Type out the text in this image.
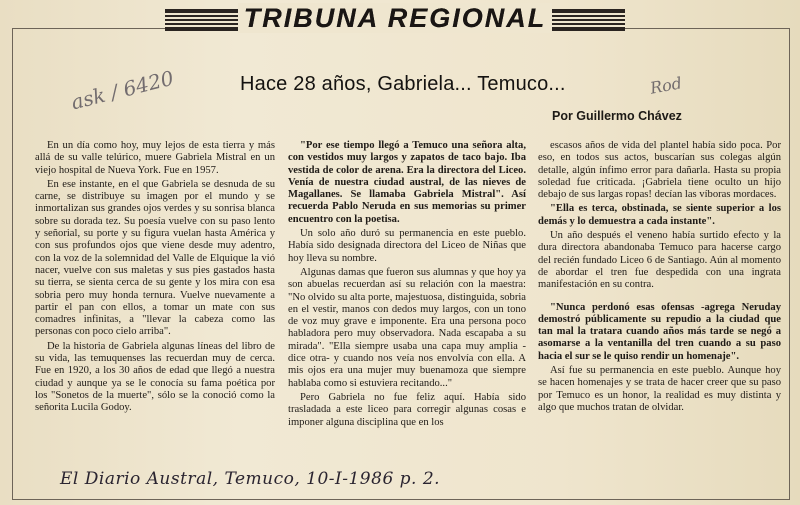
TRIBUNA REGIONAL
ask / 6420	Rod
Hace 28 años, Gabriela... Temuco...
Por Guillermo Chávez

En un día como hoy, muy lejos de esta tierra y más allá de su valle telúrico, muere Gabriela Mistral en un viejo hospital de Nueva York. Fue en 1957.

En ese instante, en el que Gabriela se desnuda de su carne, se distribuye su imagen por el mundo y se inmortalizan sus grandes ojos verdes y su sonrisa blanca sobre su dorada tez. Su poesía vuelve con su paso lento y señorial, su porte y su figura vuelan hasta América y con sus profundos ojos que viene desde muy adentro, con la voz de la solemnidad del Valle de Elquique la vió nacer, vuelve con sus maletas y sus pies gastados hasta su tierra, se sienta cerca de su gente y los mira con esa sobria pero muy honda ternura. Vuelve nuevamente a partir el pan con ellos, a tomar un mate con sus comadres infinitas, a "llevar la cabeza como las personas con poco cielo arriba".

De la historia de Gabriela algunas líneas del libro de su vida, las temuquenses las recuerdan muy de cerca. Fue en 1920, a los 30 años de edad que llegó a nuestra ciudad y aunque ya se le conocía su fama poética por los "Sonetos de la muerte", sólo se la conoció como la señorita Lucila Godoy.

"Por ese tiempo llegó a Temuco una señora alta, con vestidos muy largos y zapatos de taco bajo. Iba vestida de color de arena. Era la directora del Liceo. Venía de nuestra ciudad austral, de las nieves de Magallanes. Se llamaba Gabriela Mistral". Así recuerda Pablo Neruda en sus memorias su primer encuentro con la poetisa.

Un solo año duró su permanencia en este pueblo. Había sido designada directora del Liceo de Niñas que hoy lleva su nombre.

Algunas damas que fueron sus alumnas y que hoy ya son abuelas recuerdan así su relación con la maestra: "No olvido su alta porte, majestuosa, distinguida, sobria en el vestir, manos con dedos muy largos, con un tono de voz muy grave e imponente. Era una persona poco habladora pero muy observadora. Nada escapaba a su mirada". "Ella siempre usaba una capa muy amplia -dice otra- y cuando nos veía nos envolvía con ella. A mis ojos era una mujer muy buenamoza que siempre hablaba como si estuviera recitando..."

Pero Gabriela no fue feliz aquí. Había sido trasladada a este liceo para corregir algunas cosas e imponer alguna disciplina que en los

escasos años de vida del plantel había sido poca. Por eso, en todos sus actos, buscarían sus colegas algún detalle, algún ínfimo error para dañarla. Hasta su propia soledad fue criticada. ¡Gabriela tiene oculto un hijo debajo de sus largas ropas! decían las víboras mordaces.

"Ella es terca, obstinada, se siente superior a los demás y lo demuestra a cada instante".

Un año después el veneno había surtido efecto y la dura directora abandonaba Temuco para hacerse cargo del recién fundado Liceo 6 de Santiago. Aún al momento de abordar el tren fue despedida con una ingrata manifestación en su contra.

"Nunca perdonó esas ofensas -agrega Neruday demostró públicamente su repudio a la ciudad que tan mal la tratara cuando años más tarde se negó a asomarse a la ventanilla del tren cuando a su paso hacia el sur se le quiso rendir un homenaje".

Así fue su permanencia en este pueblo. Aunque hoy se hacen homenajes y se trata de hacer creer que su paso por Temuco es un honor, la realidad es muy distinta y algo que muchos tratan de olvidar.

El Diario Austral, Temuco, 10-I-1986 p. 2.
